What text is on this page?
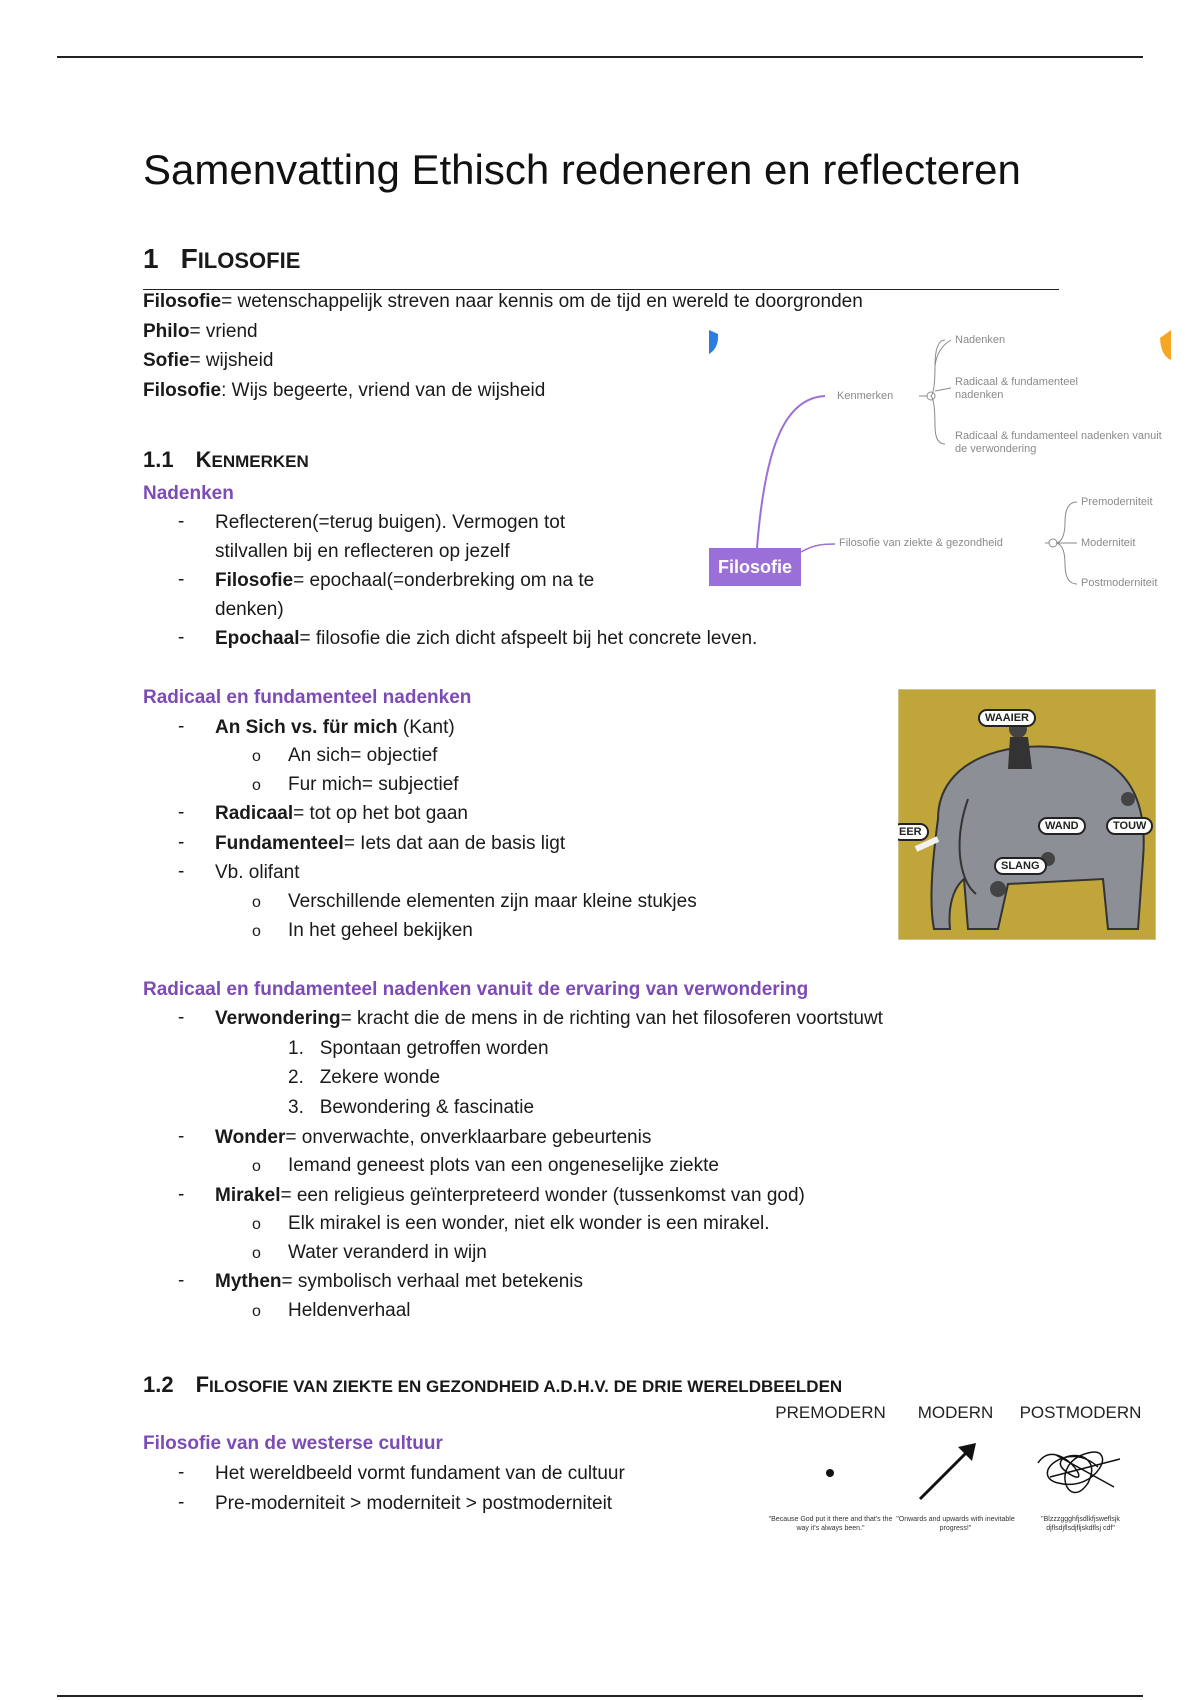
Samenvatting Ethisch redeneren en reflecteren
1 FILOSOFIE
Filosofie= wetenschappelijk streven naar kennis om de tijd en wereld te doorgronden
Philo= vriend
Sofie= wijsheid
Filosofie: Wijs begeerte, vriend van de wijsheid
1.1 KENMERKEN
Nadenken
- Reflecteren(=terug buigen). Vermogen tot
stilvallen bij en reflecteren op jezelf
- Filosofie= epochaal(=onderbreking om na te
denken)
- Epochaal= filosofie die zich dicht afspeelt bij het concrete leven.
Radicaal en fundamenteel nadenken
- An Sich vs. für mich (Kant)
o An sich= objectief
o Fur mich= subjectief
- Radicaal= tot op het bot gaan
- Fundamenteel= Iets dat aan de basis ligt
- Vb. olifant
o Verschillende elementen zijn maar kleine stukjes
o In het geheel bekijken
Radicaal en fundamenteel nadenken vanuit de ervaring van verwondering
- Verwondering= kracht die de mens in de richting van het filosoferen voortstuwt
1.   Spontaan getroffen worden
2.   Zekere wonde
3.   Bewondering & fascinatie
- Wonder= onverwachte, onverklaarbare gebeurtenis
o Iemand geneest plots van een ongeneselijke ziekte
- Mirakel= een religieus geïnterpreteerd wonder (tussenkomst van god)
o Elk mirakel is een wonder, niet elk wonder is een mirakel.
o Water veranderd in wijn
- Mythen= symbolisch verhaal met betekenis
o Heldenverhaal
1.2 FILOSOFIE VAN ZIEKTE EN GEZONDHEID A.D.H.V. DE DRIE WERELDBEELDEN
Filosofie van de westerse cultuur
- Het wereldbeeld vormt fundament van de cultuur
- Pre-moderniteit > moderniteit > postmoderniteit
Filosofie
Kenmerken
Nadenken
Radicaal & fundamenteel nadenken
Radicaal & fundamenteel nadenken vanuit de verwondering
Filosofie van ziekte & gezondheid
Premoderniteit
Moderniteit
Postmoderniteit
WAAIER
WAND	TOUW
SLANG
EER
PREMODERN	MODERN	POSTMODERN
"Because God put it there and that's the way it's always been."
"Onwards and upwards with inevitable progress!"
"Blzzzggghfjsdlkfjsweflsjk djflsdjflsdjfljskdflsj cdf"
